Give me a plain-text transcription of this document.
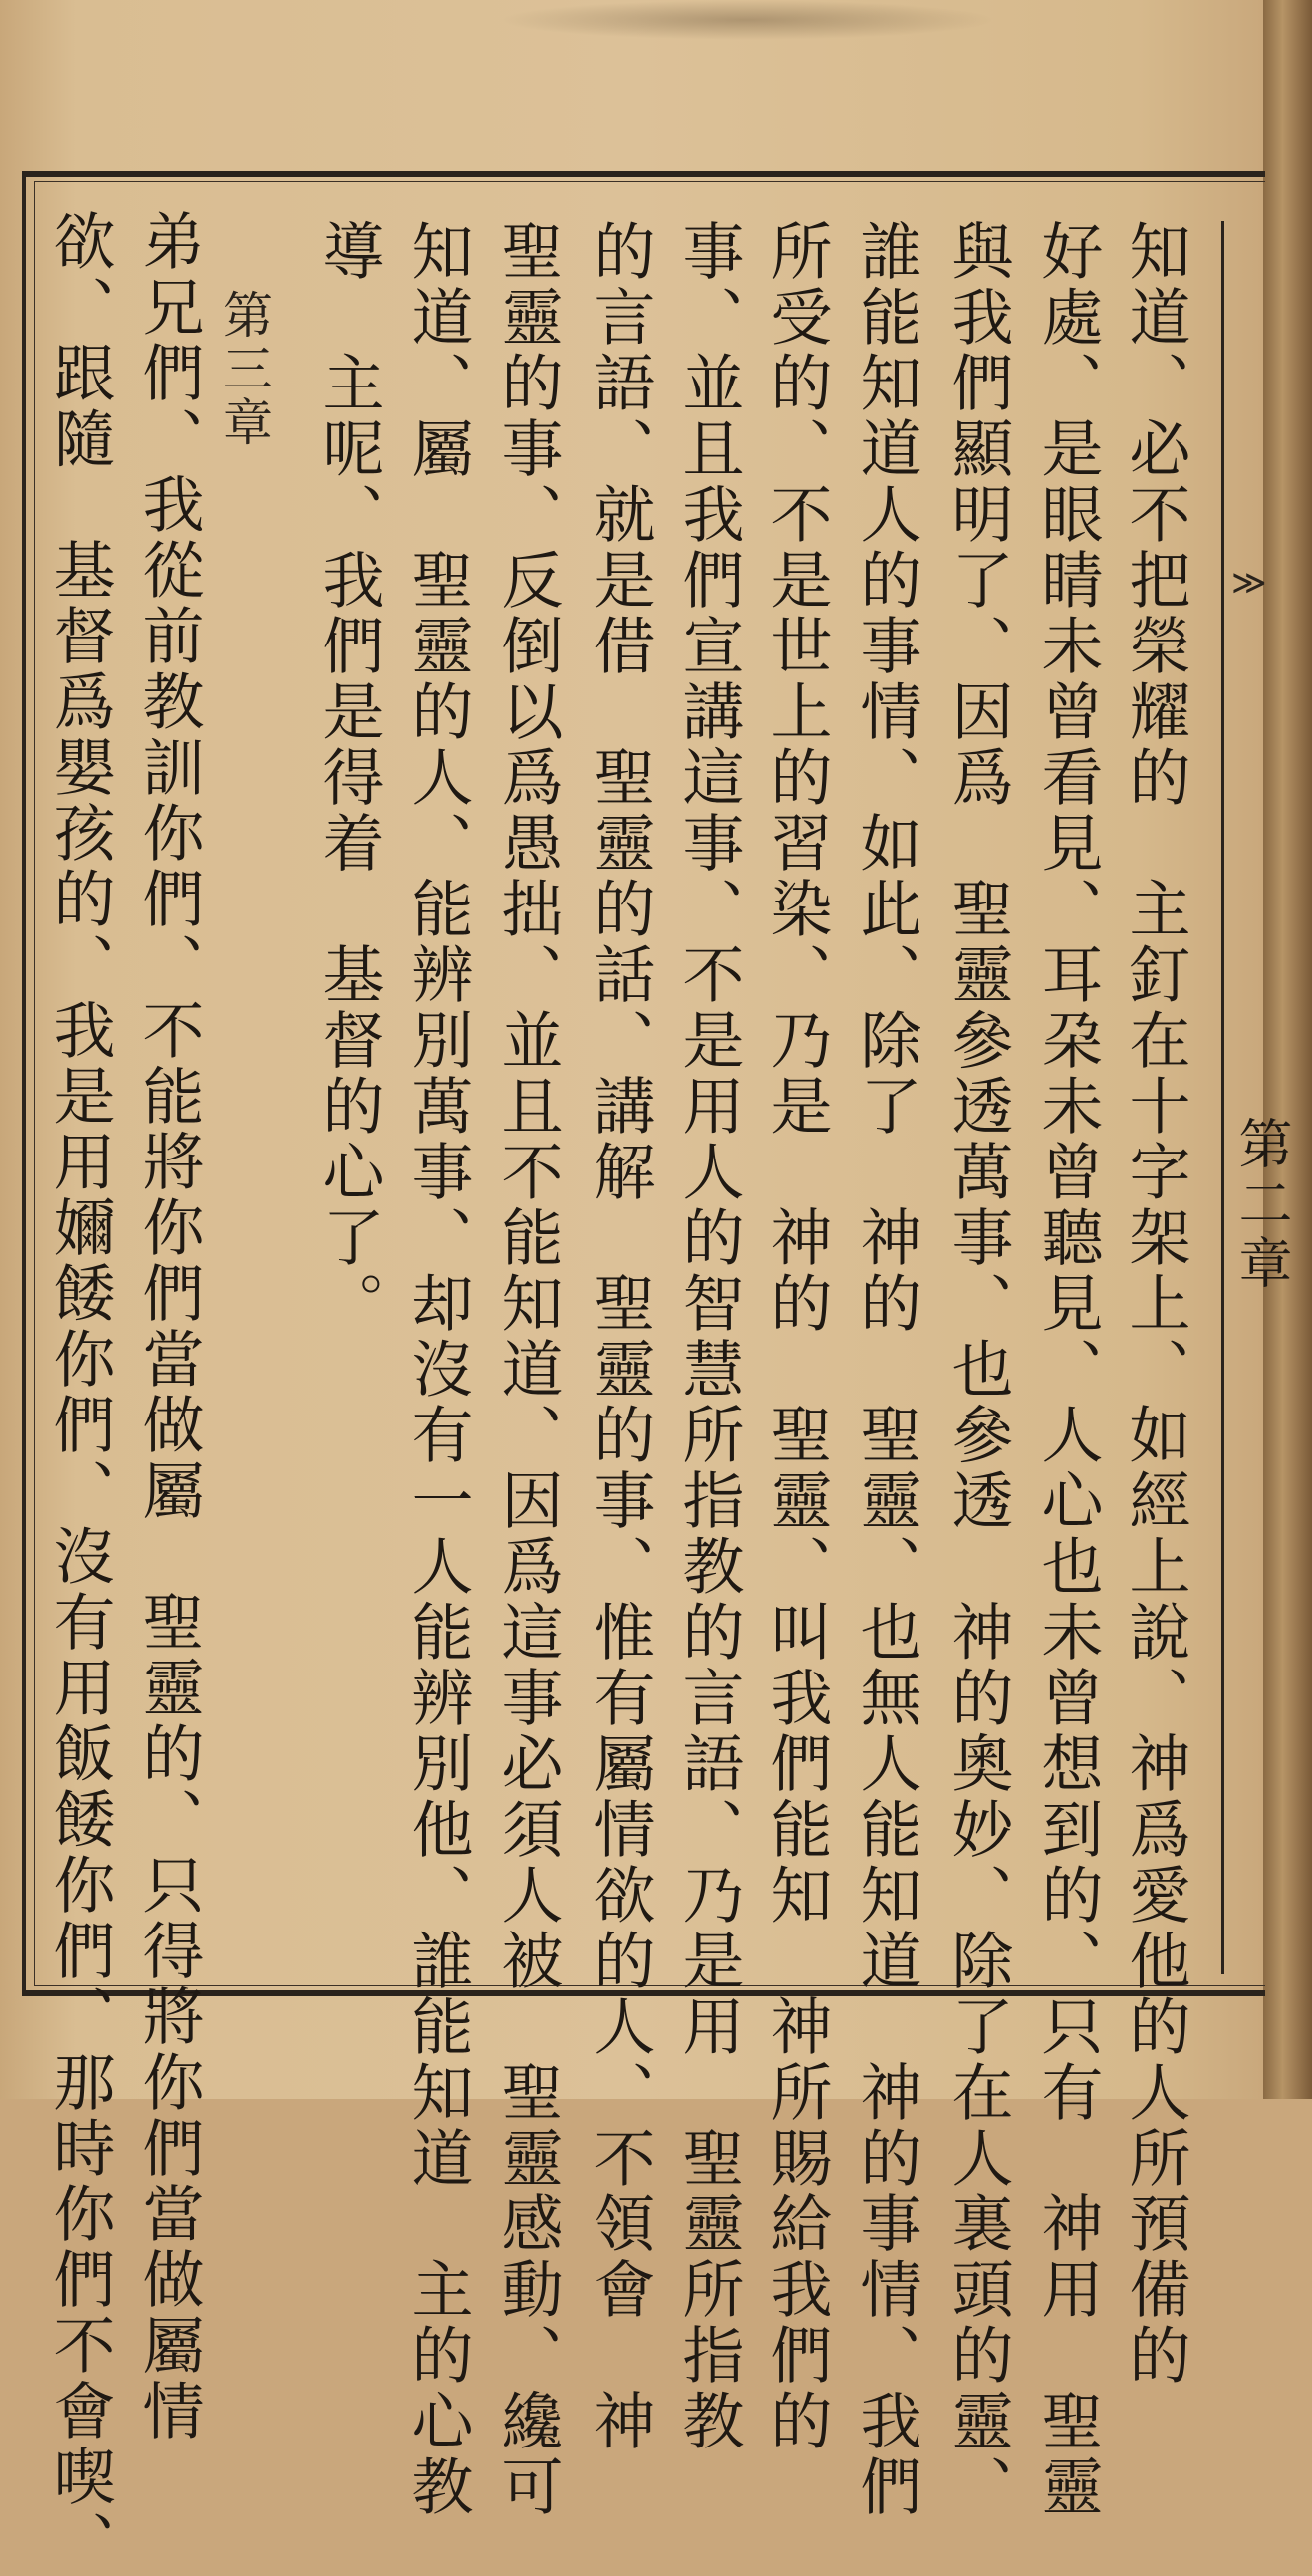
第二章
≫
知道、必不把榮耀的　主釘在十字架上、如經上說、神爲愛他的人所預備的
好處、是眼睛未曾看見、耳朶未曾聽見、人心也未曾想到的、只有　神用　聖靈
與我們顯明了、因爲　聖靈參透萬事、也參透　神的奧妙、除了在人裏頭的靈、
誰能知道人的事情、如此、除了　神的　聖靈、也無人能知道　神的事情、我們
所受的、不是世上的習染、乃是　神的　聖靈、叫我們能知　神所賜給我們的
事、並且我們宣講這事、不是用人的智慧所指教的言語、乃是用　聖靈所指教
的言語、就是借　聖靈的話、講解　聖靈的事、惟有屬情欲的人、不領會　神
聖靈的事、反倒以爲愚拙、並且不能知道、因爲這事必須人被　聖靈感動、纔可
知道、屬　聖靈的人、能辨別萬事、却沒有一人能辨別他、誰能知道　主的心教
導　主呢、我們是得着　基督的心了。
第三章
弟兄們、我從前教訓你們、不能將你們當做屬　聖靈的、只得將你們當做屬情
欲、跟隨　基督爲嬰孩的、我是用嬭餧你們、沒有用飯餧你們、那時你們不會喫、
